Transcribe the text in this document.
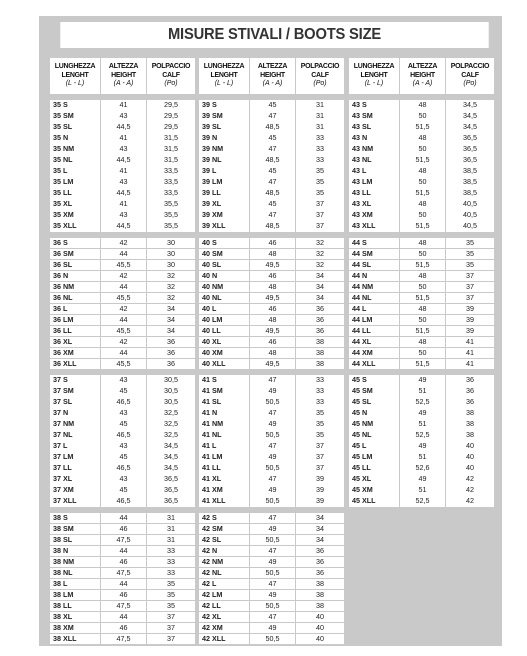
MISURE STIVALI / BOOTS SIZE
LUNGHEZZA
LENGHT
(L - L)
ALTEZZA
HEIGHT
(A - A)
POLPACCIO
CALF
(Po)
35 S	41	29,5
35 SM	43	29,5
35 SL	44,5	29,5
35 N	41	31,5
35 NM	43	31,5
35 NL	44,5	31,5
35 L	41	33,5
35 LM	43	33,5
35 LL	44,5	33,5
35 XL	41	35,5
35 XM	43	35,5
35 XLL	44,5	35,5
36 S	42	30
36 SM	44	30
36 SL	45,5	30
36 N	42	32
36 NM	44	32
36 NL	45,5	32
36 L	42	34
36 LM	44	34
36 LL	45,5	34
36 XL	42	36
36 XM	44	36
36 XLL	45,5	36
37 S	43	30,5
37 SM	45	30,5
37 SL	46,5	30,5
37 N	43	32,5
37 NM	45	32,5
37 NL	46,5	32,5
37 L	43	34,5
37 LM	45	34,5
37 LL	46,5	34,5
37 XL	43	36,5
37 XM	45	36,5
37 XLL	46,5	36,5
38 S	44	31
38 SM	46	31
38 SL	47,5	31
38 N	44	33
38 NM	46	33
38 NL	47,5	33
38 L	44	35
38 LM	46	35
38 LL	47,5	35
38 XL	44	37
38 XM	46	37
38 XLL	47,5	37
LUNGHEZZA
LENGHT
(L - L)
ALTEZZA
HEIGHT
(A - A)
POLPACCIO
CALF
(Po)
39 S	45	31
39 SM	47	31
39 SL	48,5	31
39 N	45	33
39 NM	47	33
39 NL	48,5	33
39 L	45	35
39 LM	47	35
39 LL	48,5	35
39 XL	45	37
39 XM	47	37
39 XLL	48,5	37
40 S	46	32
40 SM	48	32
40 SL	49,5	32
40 N	46	34
40 NM	48	34
40 NL	49,5	34
40 L	46	36
40 LM	48	36
40 LL	49,5	36
40 XL	46	38
40 XM	48	38
40 XLL	49,5	38
41 S	47	33
41 SM	49	33
41 SL	50,5	33
41 N	47	35
41 NM	49	35
41 NL	50,5	35
41 L	47	37
41 LM	49	37
41 LL	50,5	37
41 XL	47	39
41 XM	49	39
41 XLL	50,5	39
42 S	47	34
42 SM	49	34
42 SL	50,5	34
42 N	47	36
42 NM	49	36
42 NL	50,5	36
42 L	47	38
42 LM	49	38
42 LL	50,5	38
42 XL	47	40
42 XM	49	40
42 XLL	50,5	40
LUNGHEZZA
LENGHT
(L - L)
ALTEZZA
HEIGHT
(A - A)
POLPACCIO
CALF
(Po)
43 S	48	34,5
43 SM	50	34,5
43 SL	51,5	34,5
43 N	48	36,5
43 NM	50	36,5
43 NL	51,5	36,5
43 L	48	38,5
43 LM	50	38,5
43 LL	51,5	38,5
43 XL	48	40,5
43 XM	50	40,5
43 XLL	51,5	40,5
44 S	48	35
44 SM	50	35
44 SL	51,5	35
44 N	48	37
44 NM	50	37
44 NL	51,5	37
44 L	48	39
44 LM	50	39
44 LL	51,5	39
44 XL	48	41
44 XM	50	41
44 XLL	51,5	41
45 S	49	36
45 SM	51	36
45 SL	52,5	36
45 N	49	38
45 NM	51	38
45 NL	52,5	38
45 L	49	40
45 LM	51	40
45 LL	52,6	40
45 XL	49	42
45 XM	51	42
45 XLL	52,5	42
